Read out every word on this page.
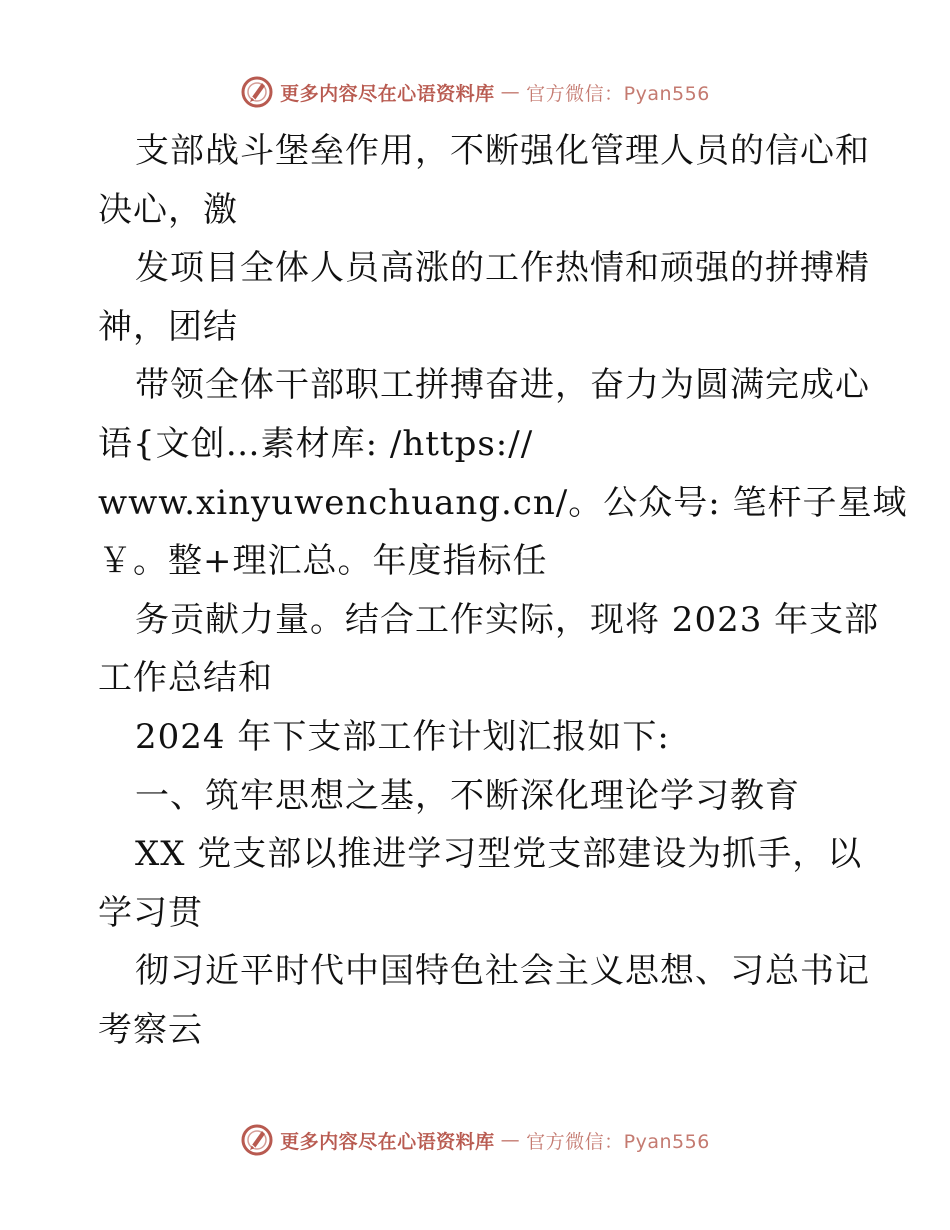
更多内容尽在心语资料库 — 官方微信：Pyan556
支部战斗堡垒作用，不断强化管理人员的信心和
决心，激
发项目全体人员高涨的工作热情和顽强的拼搏精
神，团结
带领全体干部职工拼搏奋进，奋力为圆满完成心
语{文创…素材库: /https://
www.xinyuwenchuang.cn/。公众号: 笔杆子星域
￥。整+理汇总。年度指标任
务贡献力量。结合工作实际，现将 2023 年支部
工作总结和
2024 年下支部工作计划汇报如下:
一、筑牢思想之基，不断深化理论学习教育
XX 党支部以推进学习型党支部建设为抓手，以
学习贯
彻习近平时代中国特色社会主义思想、习总书记
考察云
更多内容尽在心语资料库 — 官方微信：Pyan556
